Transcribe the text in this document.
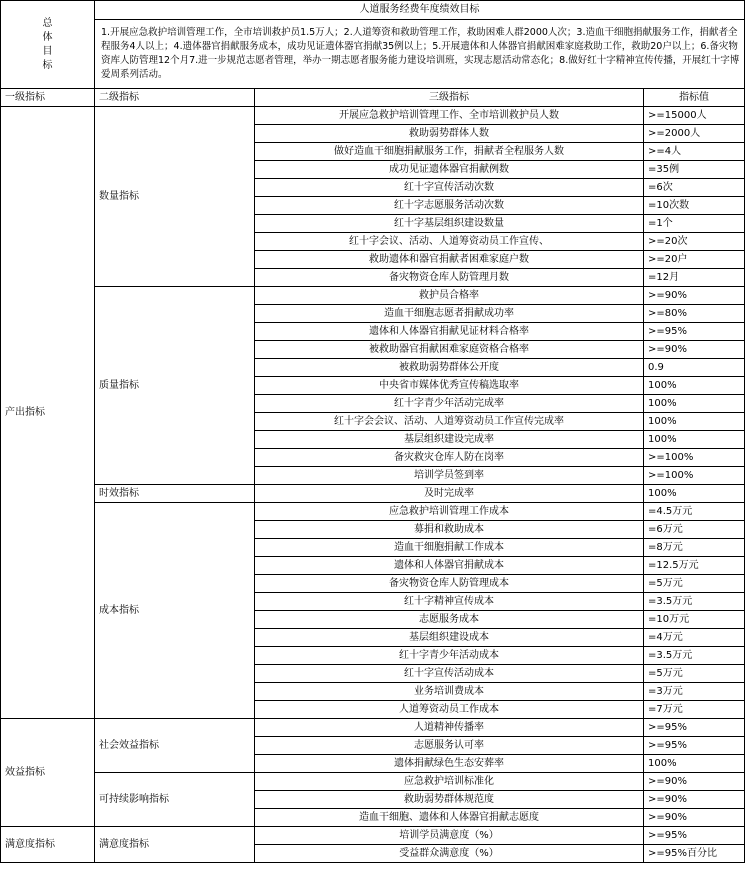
总
体
目
标	人道服务经费年度绩效目标		
	1.开展应急救护培训管理工作，全市培训救护员1.5万人；2.人道筹资和救助管理工作，救助困难人群2000人次；3.造血干细胞捐献服务工作，捐献者全程服务4人以上；4.遗体器官捐献服务成本，成功见证遗体器官捐献35例以上；5.开展遗体和人体器官捐献困难家庭救助工作，救助20户以上；6.备灾物资库人防管理12个月7.进一步规范志愿者管理，举办一期志愿者服务能力建设培训班，实现志愿活动常态化；8.做好红十字精神宣传传播，开展红十字博爱周系列活动。		
一级指标	二级指标	三级指标	指标值
产出指标	数量指标	开展应急救护培训管理工作、全市培训救护员人数	>=15000人
		救助弱势群体人数	>=2000人
		做好造血干细胞捐献服务工作，捐献者全程服务人数	>=4人
		成功见证遗体器官捐献例数	=35例
		红十字宣传活动次数	=6次
		红十字志愿服务活动次数	=10次数
		红十字基层组织建设数量	=1个
		红十字会议、活动、人道筹资动员工作宣传、	>=20次
		救助遗体和器官捐献者困难家庭户数	>=20户
		备灾物资仓库人防管理月数	=12月
	质量指标	救护员合格率	>=90%
		造血干细胞志愿者捐献成功率	>=80%
		遗体和人体器官捐献见证材料合格率	>=95%
		被救助器官捐献困难家庭资格合格率	>=90%
		被救助弱势群体公开度	0.9
		中央省市媒体优秀宣传稿选取率	100%
		红十字青少年活动完成率	100%
		红十字会会议、活动、人道筹资动员工作宣传完成率	100%
		基层组织建设完成率	100%
		备灾救灾仓库人防在岗率	>=100%
		培训学员签到率	>=100%
	时效指标	及时完成率	100%
	成本指标	应急救护培训管理工作成本	=4.5万元
		募捐和救助成本	=6万元
		造血干细胞捐献工作成本	=8万元
		遗体和人体器官捐献成本	=12.5万元
		备灾物资仓库人防管理成本	=5万元
		红十字精神宣传成本	=3.5万元
		志愿服务成本	=10万元
		基层组织建设成本	=4万元
		红十字青少年活动成本	=3.5万元
		红十字宣传活动成本	=5万元
		业务培训费成本	=3万元
		人道筹资动员工作成本	=7万元
效益指标	社会效益指标	人道精神传播率	>=95%
		志愿服务认可率	>=95%
		遗体捐献绿色生态安葬率	100%
	可持续影响指标	应急救护培训标准化	>=90%
		救助弱势群体规范度	>=90%
		造血干细胞、遗体和人体器官捐献志愿度	>=90%
满意度指标	满意度指标	培训学员满意度（%）	>=95%
		受益群众满意度（%）	>=95%百分比
